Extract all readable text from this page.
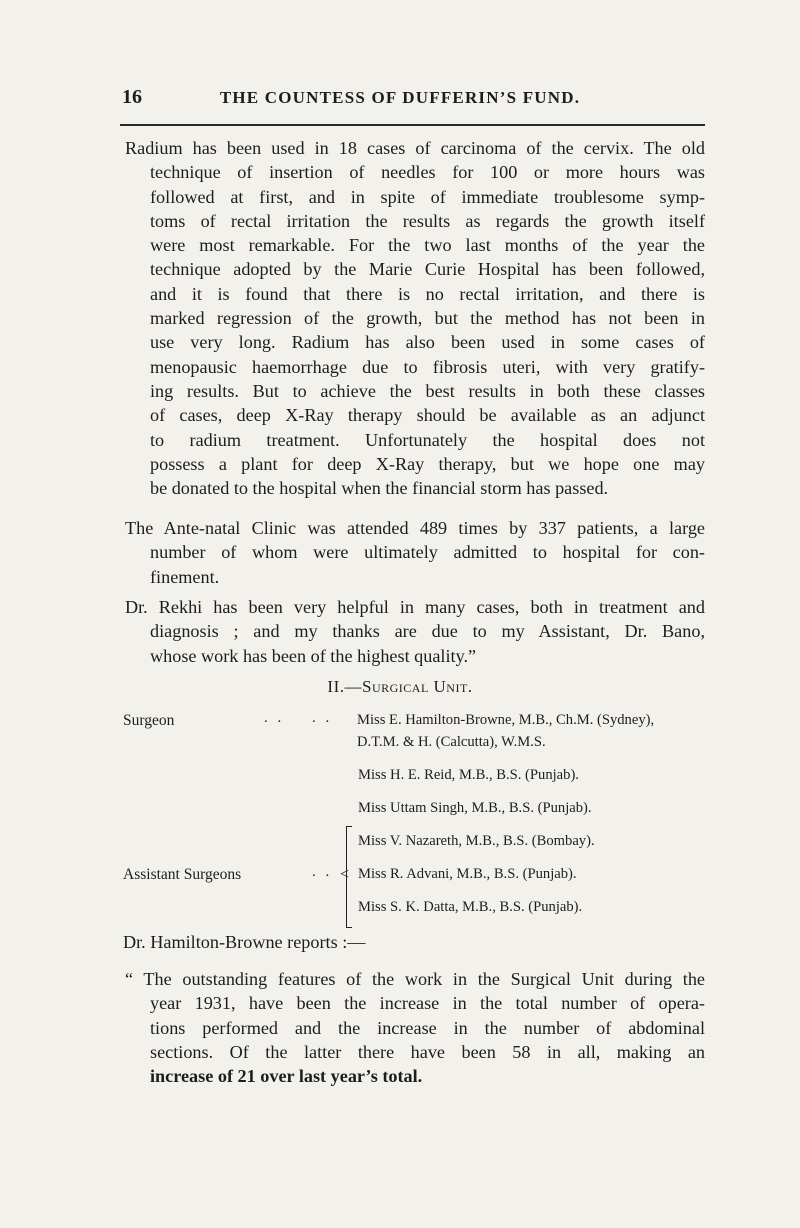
16	THE COUNTESS OF DUFFERIN’S FUND.
Radium has been used in 18 cases of carcinoma of the cervix. The old
technique of insertion of needles for 100 or more hours was
followed at first, and in spite of immediate troublesome symp-
toms of rectal irritation the results as regards the growth itself
were most remarkable. For the two last months of the year the
technique adopted by the Marie Curie Hospital has been followed,
and it is found that there is no rectal irritation, and there is
marked regression of the growth, but the method has not been in
use very long. Radium has also been used in some cases of
menopausic haemorrhage due to fibrosis uteri, with very gratify-
ing results. But to achieve the best results in both these classes
of cases, deep X-Ray therapy should be available as an adjunct
to radium treatment. Unfortunately the hospital does not
possess a plant for deep X-Ray therapy, but we hope one may
be donated to the hospital when the financial storm has passed.
The Ante-natal Clinic was attended 489 times by 337 patients, a large
number of whom were ultimately admitted to hospital for con-
finement.
Dr. Rekhi has been very helpful in many cases, both in treatment and
diagnosis ; and my thanks are due to my Assistant, Dr. Bano,
whose work has been of the highest quality.”
II.—Surgical Unit.
Surgeon	. . . . Miss E. Hamilton-Browne, M.B., Ch.M. (Sydney),
D.T.M. & H. (Calcutta), W.M.S.
Assistant Surgeons	. . <
Miss H. E. Reid, M.B., B.S. (Punjab).
Miss Uttam Singh, M.B., B.S. (Punjab).
Miss V. Nazareth, M.B., B.S. (Bombay).
Miss R. Advani, M.B., B.S. (Punjab).
Miss S. K. Datta, M.B., B.S. (Punjab).
Dr. Hamilton-Browne reports :—
“ The outstanding features of the work in the Surgical Unit during the
year 1931, have been the increase in the total number of opera-
tions performed and the increase in the number of abdominal
sections. Of the latter there have been 58 in all, making an
increase of 21 over last year’s total.
